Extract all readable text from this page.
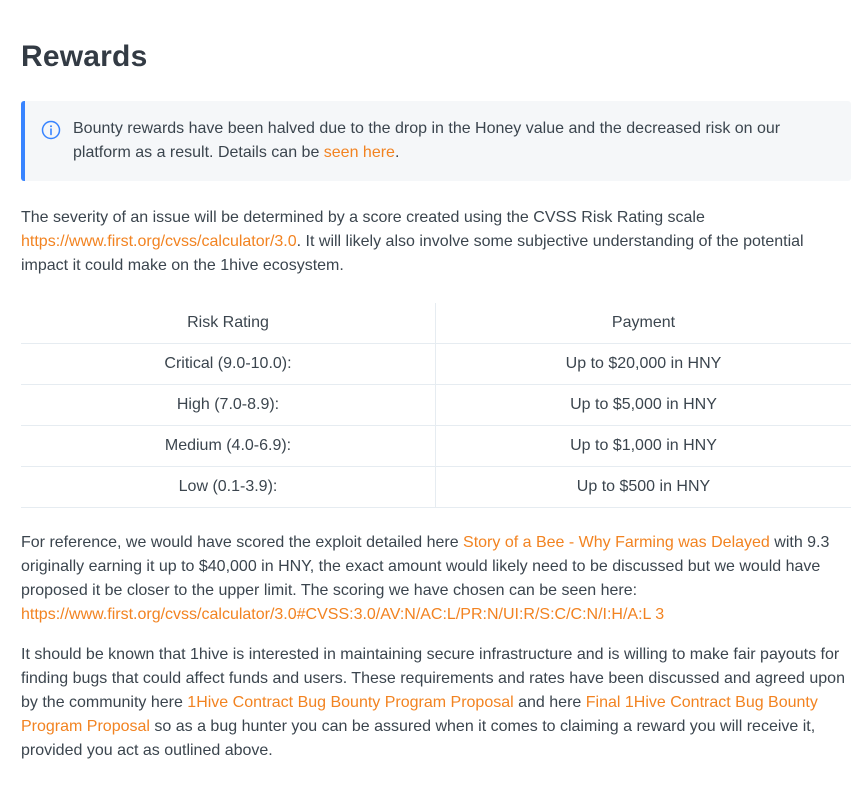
Rewards
Bounty rewards have been halved due to the drop in the Honey value and the decreased risk on our platform as a result. Details can be seen here.

The severity of an issue will be determined by a score created using the CVSS Risk Rating scale https://www.first.org/cvss/calculator/3.0. It will likely also involve some subjective understanding of the potential impact it could make on the 1hive ecosystem.

Risk Rating	Payment
Critical (9.0-10.0):	Up to $20,000 in HNY
High (7.0-8.9):	Up to $5,000 in HNY
Medium (4.0-6.9):	Up to $1,000 in HNY
Low (0.1-3.9):	Up to $500 in HNY

For reference, we would have scored the exploit detailed here Story of a Bee - Why Farming was Delayed with 9.3 originally earning it up to $40,000 in HNY, the exact amount would likely need to be discussed but we would have proposed it be closer to the upper limit. The scoring we have chosen can be seen here: https://www.first.org/cvss/calculator/3.0#CVSS:3.0/AV:N/AC:L/PR:N/UI:R/S:C/C:N/I:H/A:L 3

It should be known that 1hive is interested in maintaining secure infrastructure and is willing to make fair payouts for finding bugs that could affect funds and users. These requirements and rates have been discussed and agreed upon by the community here 1Hive Contract Bug Bounty Program Proposal and here Final 1Hive Contract Bug Bounty Program Proposal so as a bug hunter you can be assured when it comes to claiming a reward you will receive it, provided you act as outlined above.
